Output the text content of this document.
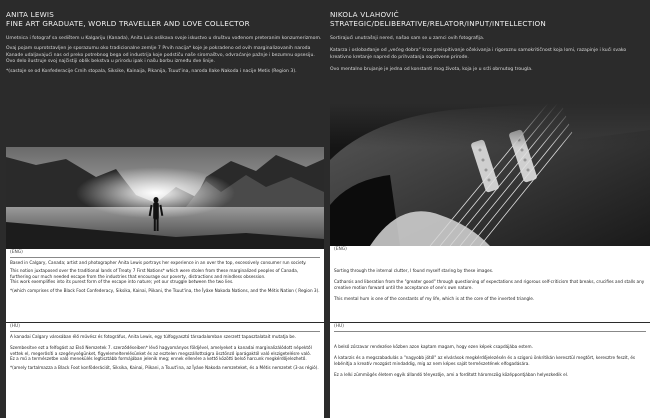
ANITA LEWIS
FINE ART GRADUATE, WORLD TRAVELLER AND LOVE COLLECTOR

Umetnica i fotograf sa sedištem u Kalgariju (Kanada), Anita Luis oslikava svoje iskustvo u društvu vođenom preteranim konzumerizmom.

Ovaj pojam suprotstavljen je sporazumu oko tradicionalne zemlje 7 Prvih nacija* koje je pokradeno od ovih marginalizovanih naroda Kanade udaljavajući nas od preko potrebnog bega od industrija koje podstiču naše siromaštvo, odvraćanje pažnje i bezumnu opsesiju.

Ovo delo ilustruje svoj najčistiji oblik bekstva u prirodu ipak i našu borbu između dve linije.

*(sastoje se od Konfederacije Crnih stopala, Siksike, Kainaija, Pikanija, Tsuut'ina, naroda Ilake Nakoda i nacije Metis (Region 3).

NIKOLA VLAHOVIĆ
STRATEGIC/DELIBERATIVE/RELATOR/INPUT/INTELLECTION

Sortirajući unutrašnji nered, našao sam se u zamci ovih fotografija.

Katarza i oslobađanje od „većeg dobra“ kroz preispitivanje očekivanja i rigoroznu samokritičnost koja lomi, razapinje i kući svako kreativno kretanje napred do prihvatanja sopstvene prirode.

Ovo mentalno brujanje je jedna od konstanti mog života, koja je u srži obrnutog trougla.

(ENG)

Based in Calgary, Canada; artist and photographer Anita Lewis portrays her experience in an over the top, excessively consumer run society.

This notion juxtaposed over the traditional lands of Treaty 7 First Nations* which were stolen from these marginalized peoples of Canada, furthering our much needed escape from the industries that encourage our poverty, distractions and mindless obsession.

This work exemplifies into its purest form of the escape into nature; yet our struggle between the two lies.

*(which comprises of the Black Foot Confederacy, Siksika, Kainai, Piikani, the Tsuut'ina, the Îyâxe Nakoda Nations, and the Métis Nation ( Region 3).

(ENG)

Sorting through the internal clutter, I found myself staring by these images.

Catharsis and liberation from the "greater good" through questioning of expectations and rigorous self-criticism that breaks, crucifies and stalls any creative motion forward until the acceptance of one's own nature.

This mental hum is one of the constants of my life, which is at the core of the inverted triangle.

(HU)

A kanadai Calgary városában élő művész és fotográfus, Anita Lewis, egy túlfogyasztó társadalomban szerzett tapasztalatait mutatja be.

Szembesítve ezt a felfogást az Első Nemzetek 7. szerződéseiben* lévő hagyományos földjével, amelyeket a kanadai marginalizálódott népektől vettek el, megerősíti a szegénységünket, figyelemelterelésünket és az esztelen megszállottságra ösztönző iparágaktól való elszigetelésre való.

Ez a mű a természetbe való menekülés legtisztább formájában jelenik meg; ennek ellenére a kettő közötti belső harcunk megkérdőjelezhető.

*(amely tartalmazza a Black Foot konföderációt, Siksika, Kainai, Piikani, a Tsuut'ina, az Îyâxe Nakoda nemzeteket, és a Métis nemzetet (3-as régió).

(HU)

A belső zűrzavar rendezése közben azon kaptam magam, hogy ezen képek csapdájába estem.

A katarzis és a megszabadulás a "nagyobb jótól" az elvárások megkérdőjelezésén és a szigorú önkritikán keresztül megtört, keresztre feszít, és lebénítja a kreatív mozgást mindaddig, míg az nem képes saját természetének elfogadására.

Ez a lelki zümmögés életem egyik állandó tényezője, ami a fordított háromszög középpontjában helyezkedik el.
